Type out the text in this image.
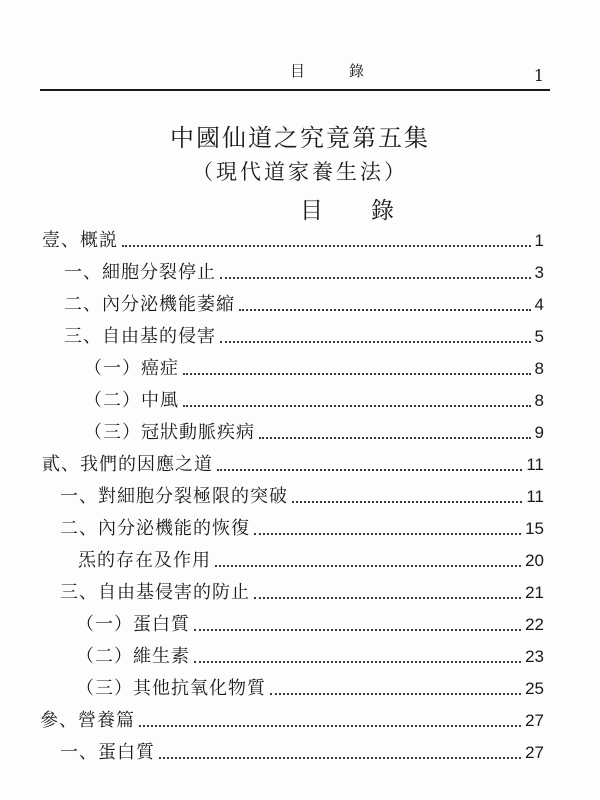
目錄	1
中國仙道之究竟第五集
（現代道家養生法）
目錄
壹、概説	1
一、細胞分裂停止	3
二、內分泌機能萎縮	4
三、自由基的侵害	5
（一）癌症	8
（二）中風	8
（三）冠狀動脈疾病	9
貳、我們的因應之道	11
一、對細胞分裂極限的突破	11
二、內分泌機能的恢復	15
炁的存在及作用	20
三、自由基侵害的防止	21
（一）蛋白質	22
（二）維生素	23
（三）其他抗氧化物質	25
參、營養篇	27
一、蛋白質	27
